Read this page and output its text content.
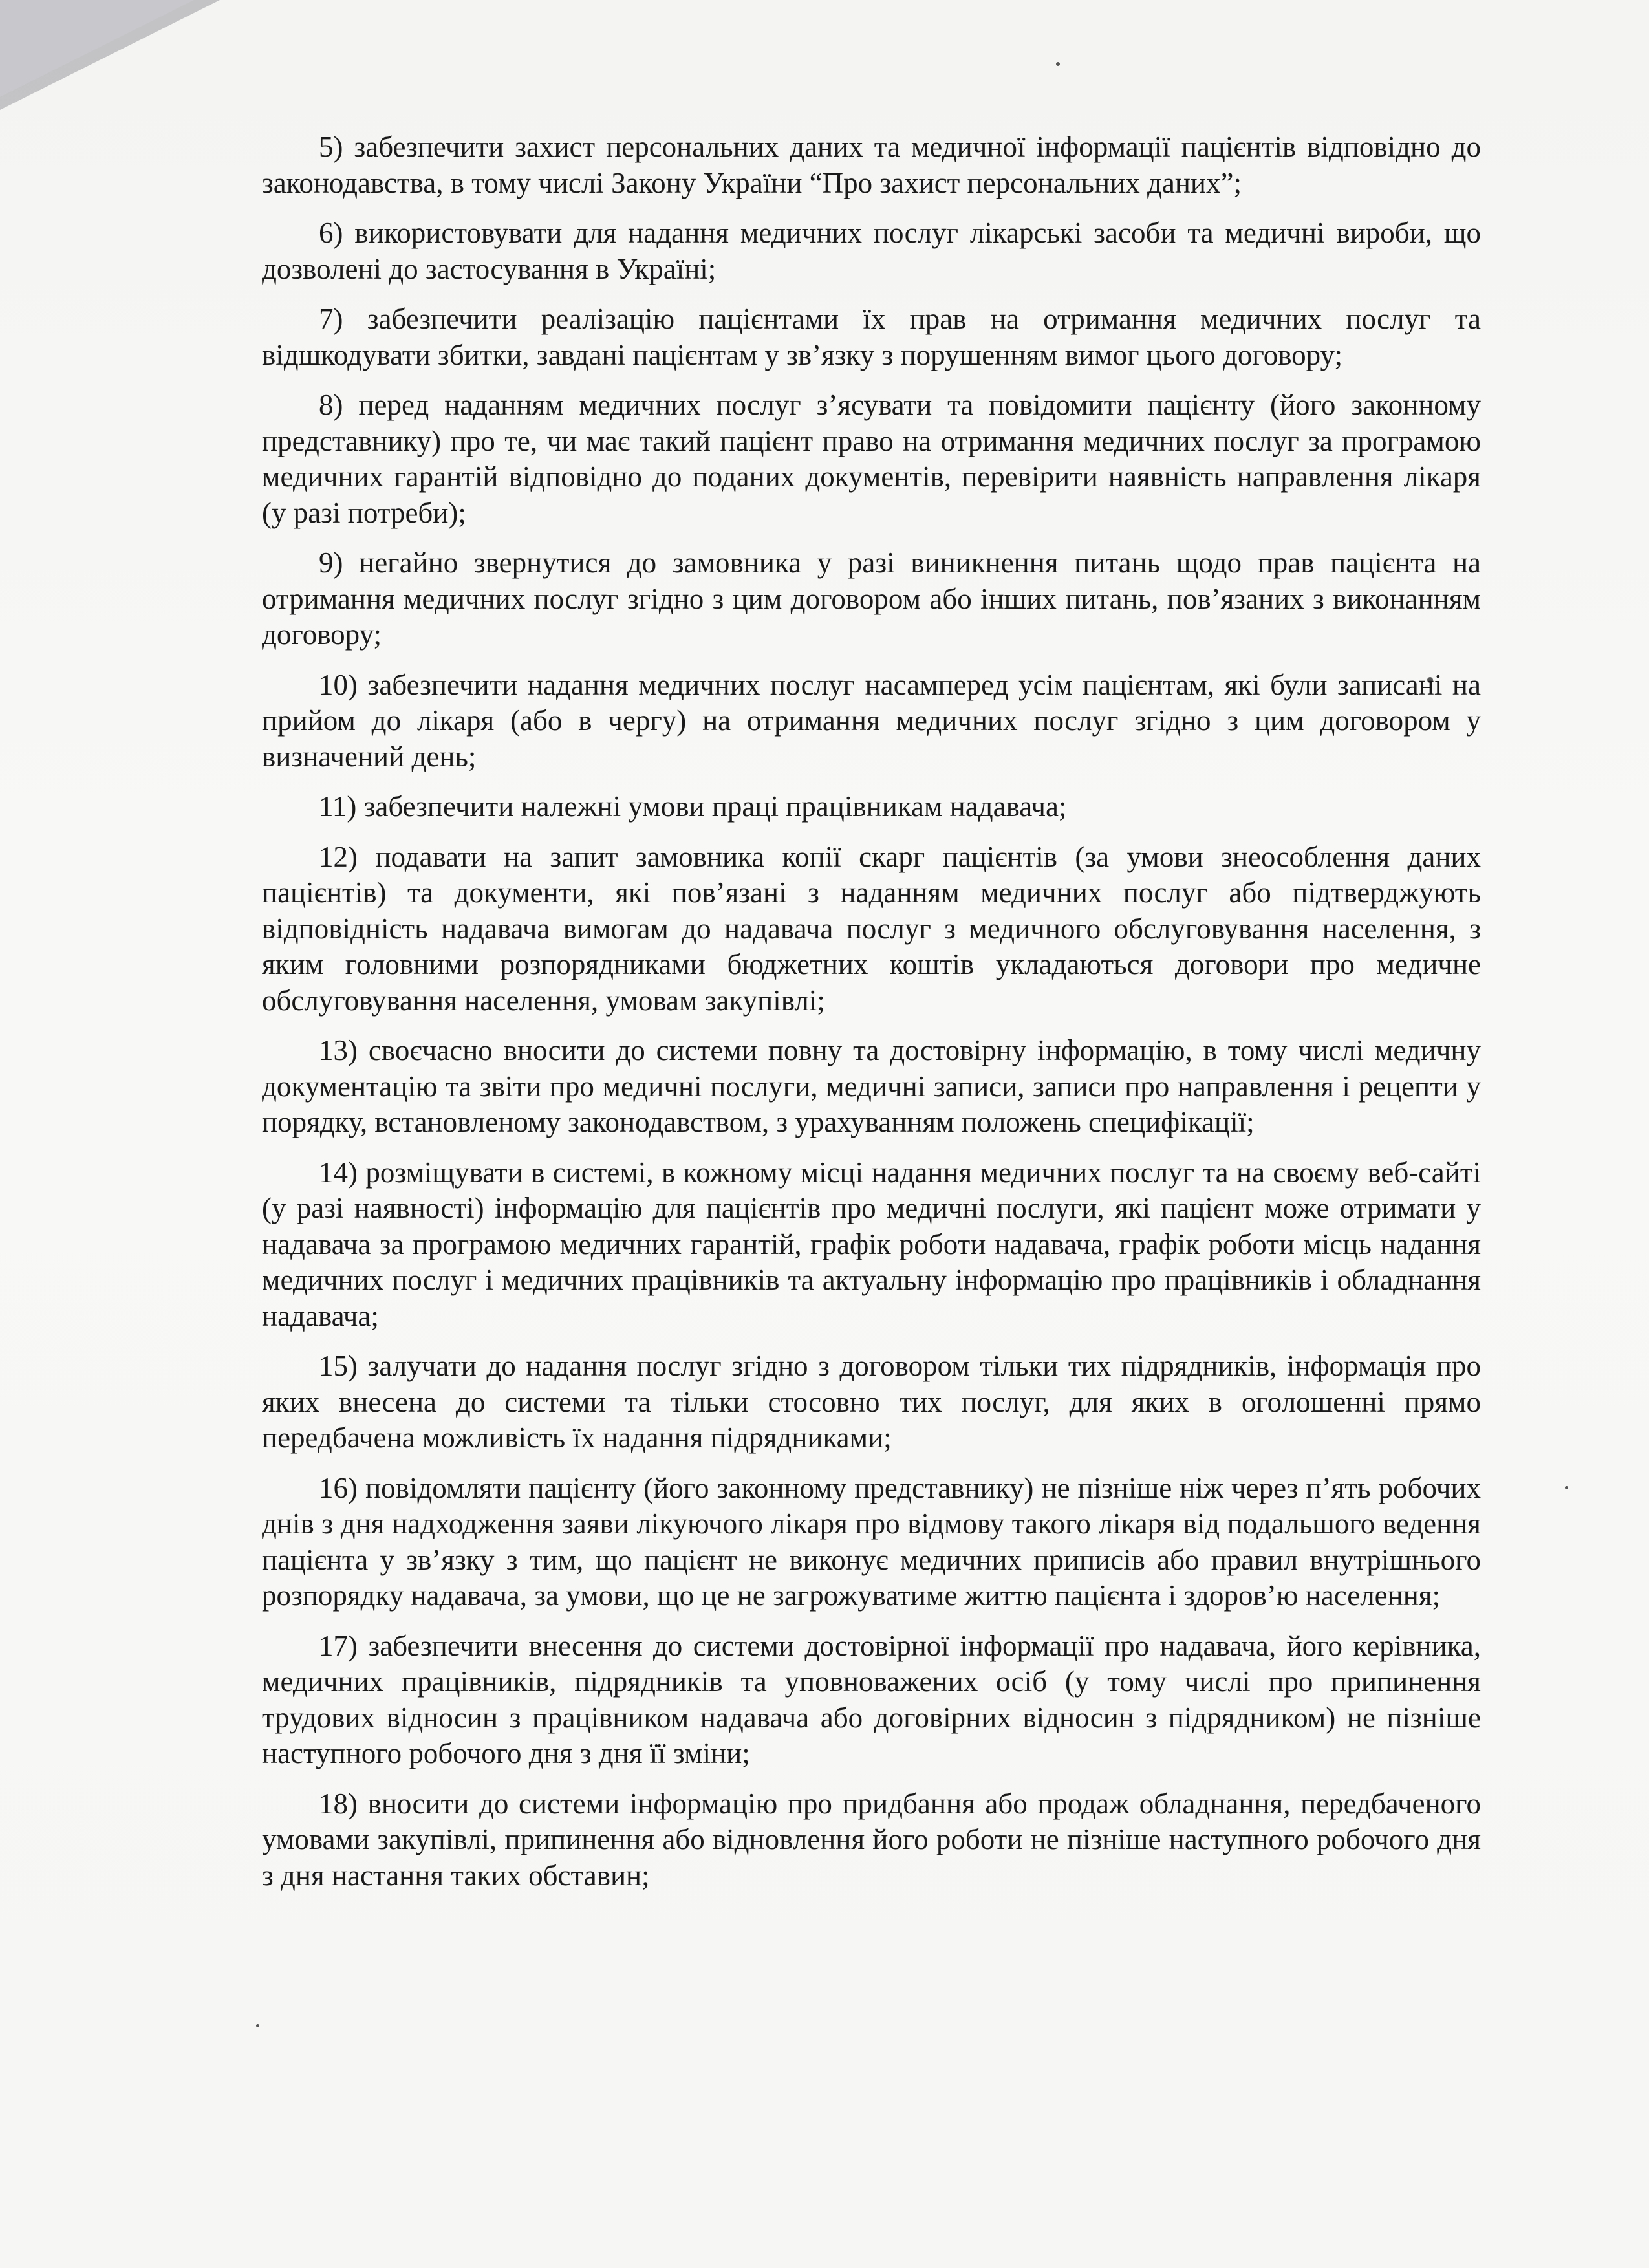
5) забезпечити захист персональних даних та медичної інформації пацієнтів відповідно до законодавства, в тому числі Закону України “Про захист персональних даних”;

6) використовувати для надання медичних послуг лікарські засоби та медичні вироби, що дозволені до застосування в Україні;

7) забезпечити реалізацію пацієнтами їх прав на отримання медичних послуг та відшкодувати збитки, завдані пацієнтам у зв’язку з порушенням вимог цього договору;

8) перед наданням медичних послуг з’ясувати та повідомити пацієнту (його законному представнику) про те, чи має такий пацієнт право на отримання медичних послуг за програмою медичних гарантій відповідно до поданих документів, перевірити наявність направлення лікаря (у разі потреби);

9) негайно звернутися до замовника у разі виникнення питань щодо прав пацієнта на отримання медичних послуг згідно з цим договором або інших питань, пов’язаних з виконанням договору;

10) забезпечити надання медичних послуг насамперед усім пацієнтам, які були записані на прийом до лікаря (або в чергу) на отримання медичних послуг згідно з цим договором у визначений день;

11) забезпечити належні умови праці працівникам надавача;

12) подавати на запит замовника копії скарг пацієнтів (за умови знеособлення даних пацієнтів) та документи, які пов’язані з наданням медичних послуг або підтверджують відповідність надавача вимогам до надавача послуг з медичного обслуговування населення, з яким головними розпорядниками бюджетних коштів укладаються договори про медичне обслуговування населення, умовам закупівлі;

13) своєчасно вносити до системи повну та достовірну інформацію, в тому числі медичну документацію та звіти про медичні послуги, медичні записи, записи про направлення і рецепти у порядку, встановленому законодавством, з урахуванням положень специфікації;

14) розміщувати в системі, в кожному місці надання медичних послуг та на своєму веб-сайті (у разі наявності) інформацію для пацієнтів про медичні послуги, які пацієнт може отримати у надавача за програмою медичних гарантій, графік роботи надавача, графік роботи місць надання медичних послуг і медичних працівників та актуальну інформацію про працівників і обладнання надавача;

15) залучати до надання послуг згідно з договором тільки тих підрядників, інформація про яких внесена до системи та тільки стосовно тих послуг, для яких в оголошенні прямо передбачена можливість їх надання підрядниками;

16) повідомляти пацієнту (його законному представнику) не пізніше ніж через п’ять робочих днів з дня надходження заяви лікуючого лікаря про відмову такого лікаря від подальшого ведення пацієнта у зв’язку з тим, що пацієнт не виконує медичних приписів або правил внутрішнього розпорядку надавача, за умови, що це не загрожуватиме життю пацієнта і здоров’ю населення;

17) забезпечити внесення до системи достовірної інформації про надавача, його керівника, медичних працівників, підрядників та уповноважених осіб (у тому числі про припинення трудових відносин з працівником надавача або договірних відносин з підрядником) не пізніше наступного робочого дня з дня її зміни;

18) вносити до системи інформацію про придбання або продаж обладнання, передбаченого умовами закупівлі, припинення або відновлення його роботи не пізніше наступного робочого дня з дня настання таких обставин;
